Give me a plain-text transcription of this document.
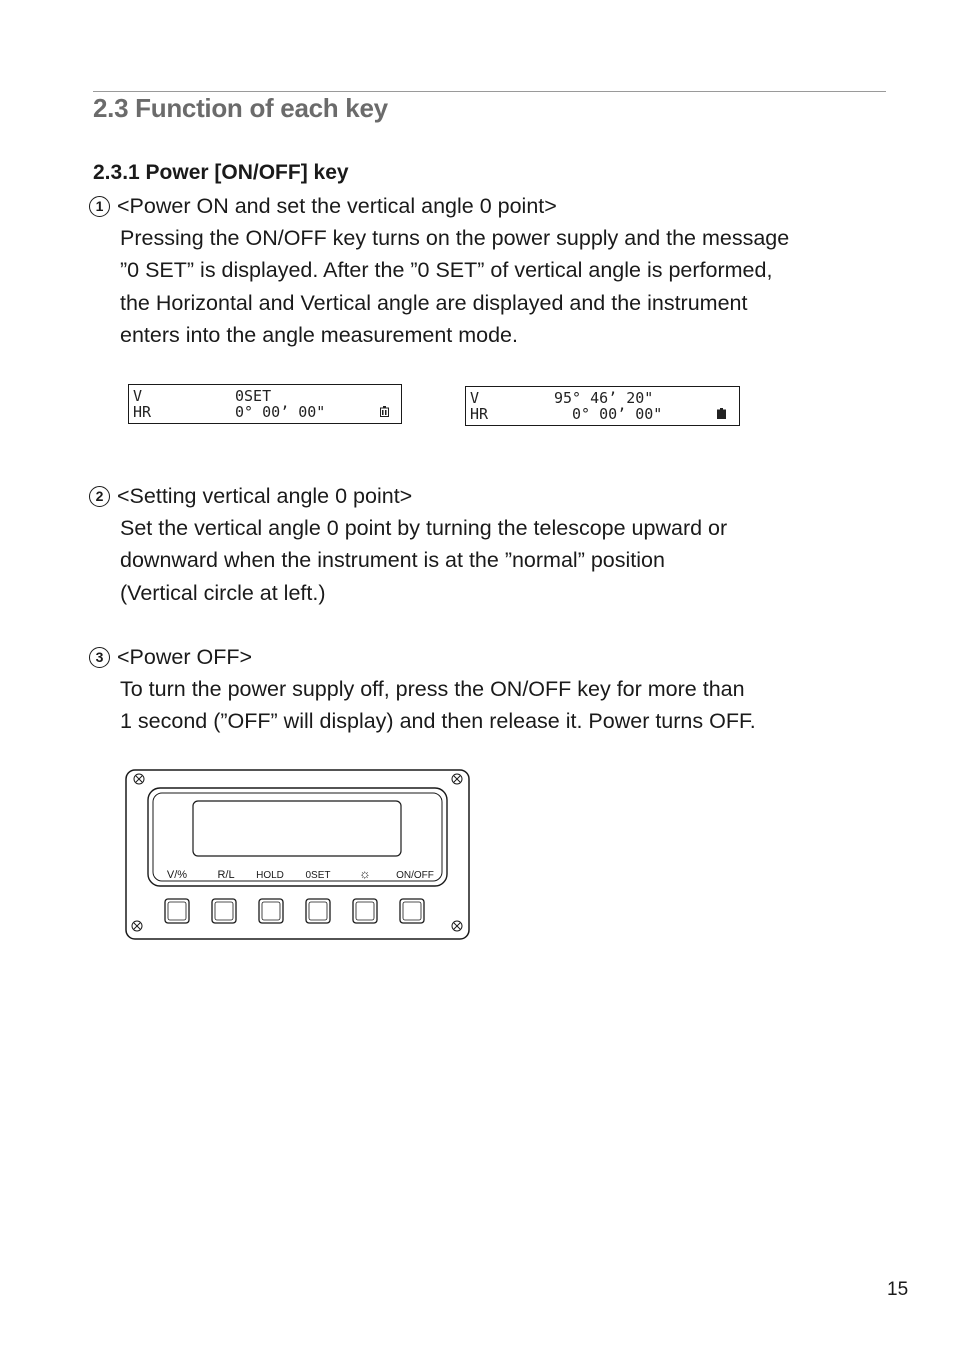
2.3 Function of each key
2.3.1 Power [ON/OFF] key
1 <Power ON and set the vertical angle 0 point>
Pressing the ON/OFF key turns on the power supply and the message
”0 SET” is displayed. After the ”0 SET” of vertical angle is performed,
the Horizontal and Vertical angle are displayed and the instrument
enters into the angle measurement mode.

V

	0SET

HR

	0° 00’ 00"

V

	95° 46’ 20"

HR

	0° 00’ 00"

2 <Setting vertical angle 0 point>
Set the vertical angle 0 point by turning the telescope upward or
downward when the instrument is at the ”normal” position
(Vertical circle at left.)
3 <Power OFF>
To turn the power supply off, press the ON/OFF key for more than
1 second (”OFF” will display) and then release it. Power turns OFF.
V/%	R/L HOLD 0SET ☼	ON/OFF
15
